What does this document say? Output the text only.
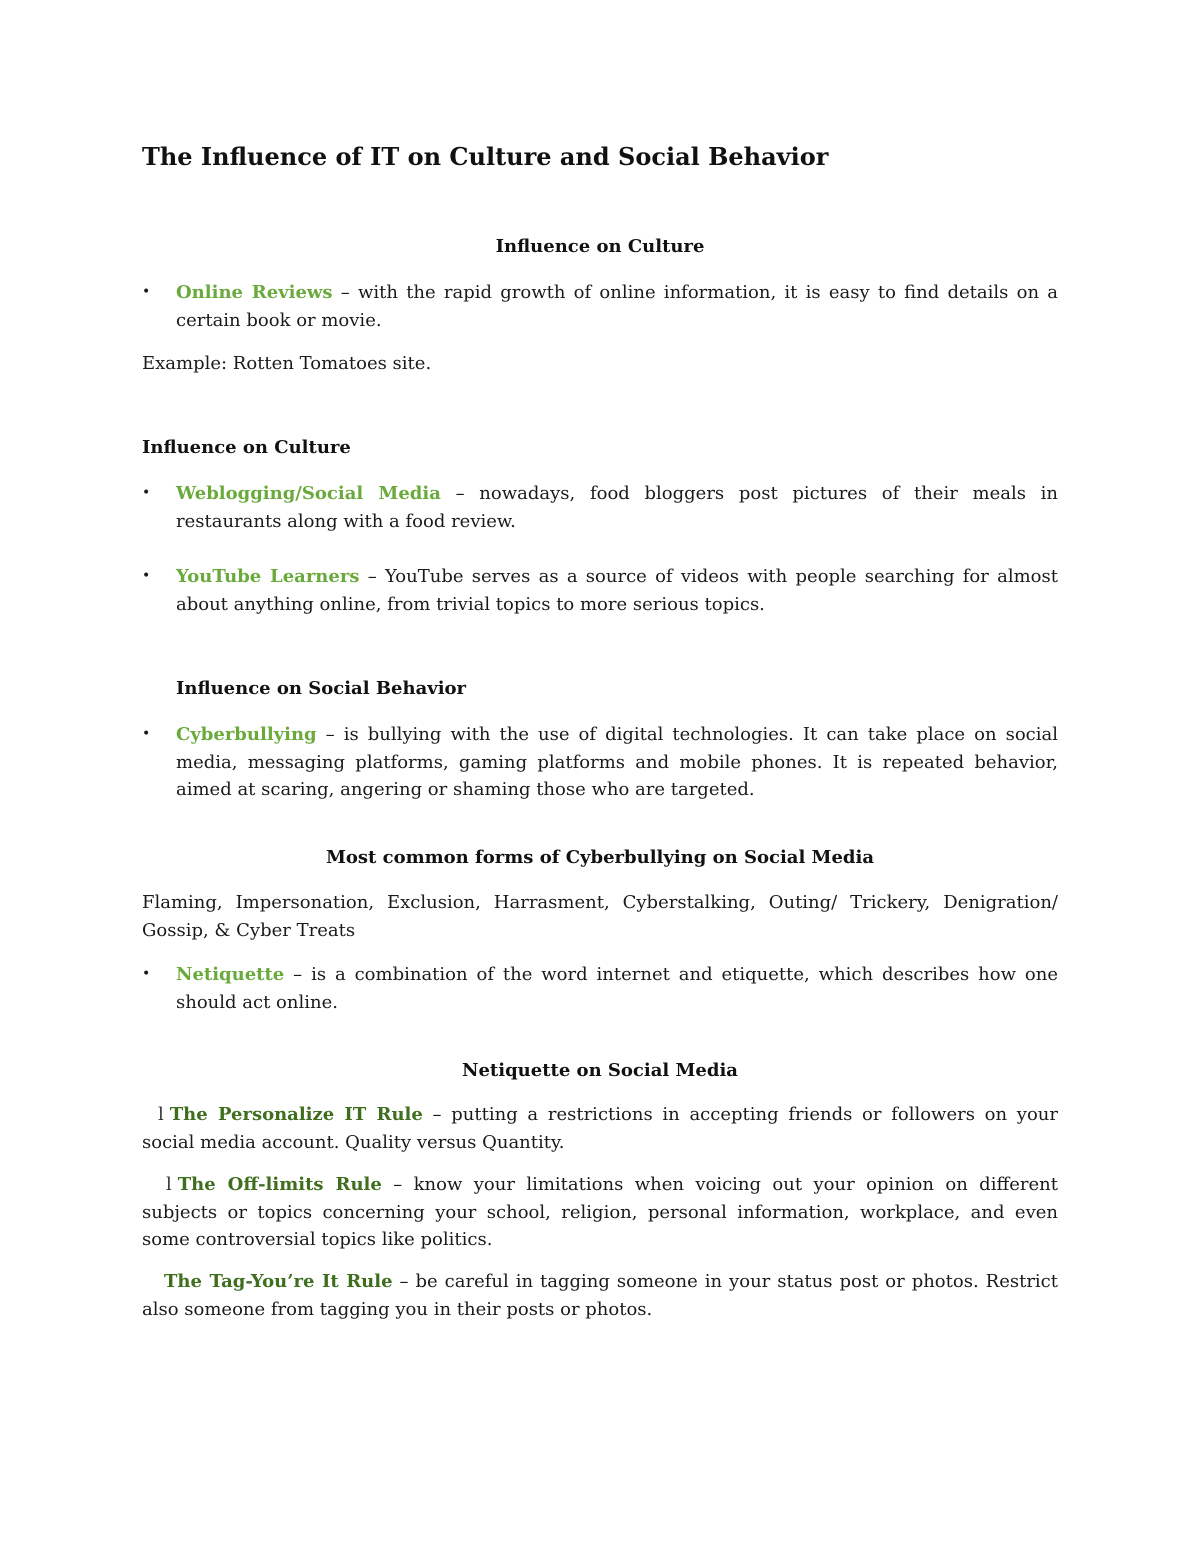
The Influence of IT on Culture and Social Behavior
Influence on Culture
•	Online Reviews – with the rapid growth of online information, it is easy to find details on a certain book or movie.

Example: Rotten Tomatoes site.

Influence on Culture
•	Weblogging/Social Media – nowadays, food bloggers post pictures of their meals in restaurants along with a food review.
•	YouTube Learners – YouTube serves as a source of videos with people searching for almost about anything online, from trivial topics to more serious topics.
Influence on Social Behavior
•	Cyberbullying – is bullying with the use of digital technologies. It can take place on social media, messaging platforms, gaming platforms and mobile phones. It is repeated behavior, aimed at scaring, angering or shaming those who are targeted.
Most common forms of Cyberbullying on Social Media

Flaming, Impersonation, Exclusion, Harrasment, Cyberstalking, Outing/ Trickery, Denigration/ Gossip, & Cyber Treats

•	Netiquette – is a combination of the word internet and etiquette, which describes how one should act online.
Netiquette on Social Media

l The Personalize IT Rule – putting a restrictions in accepting friends or followers on your social media account. Quality versus Quantity.

l The Off-limits Rule – know your limitations when voicing out your opinion on different subjects or topics concerning your school, religion, personal information, workplace, and even some controversial topics like politics.

The Tag-You’re It Rule – be careful in tagging someone in your status post or photos. Restrict also someone from tagging you in their posts or photos.
